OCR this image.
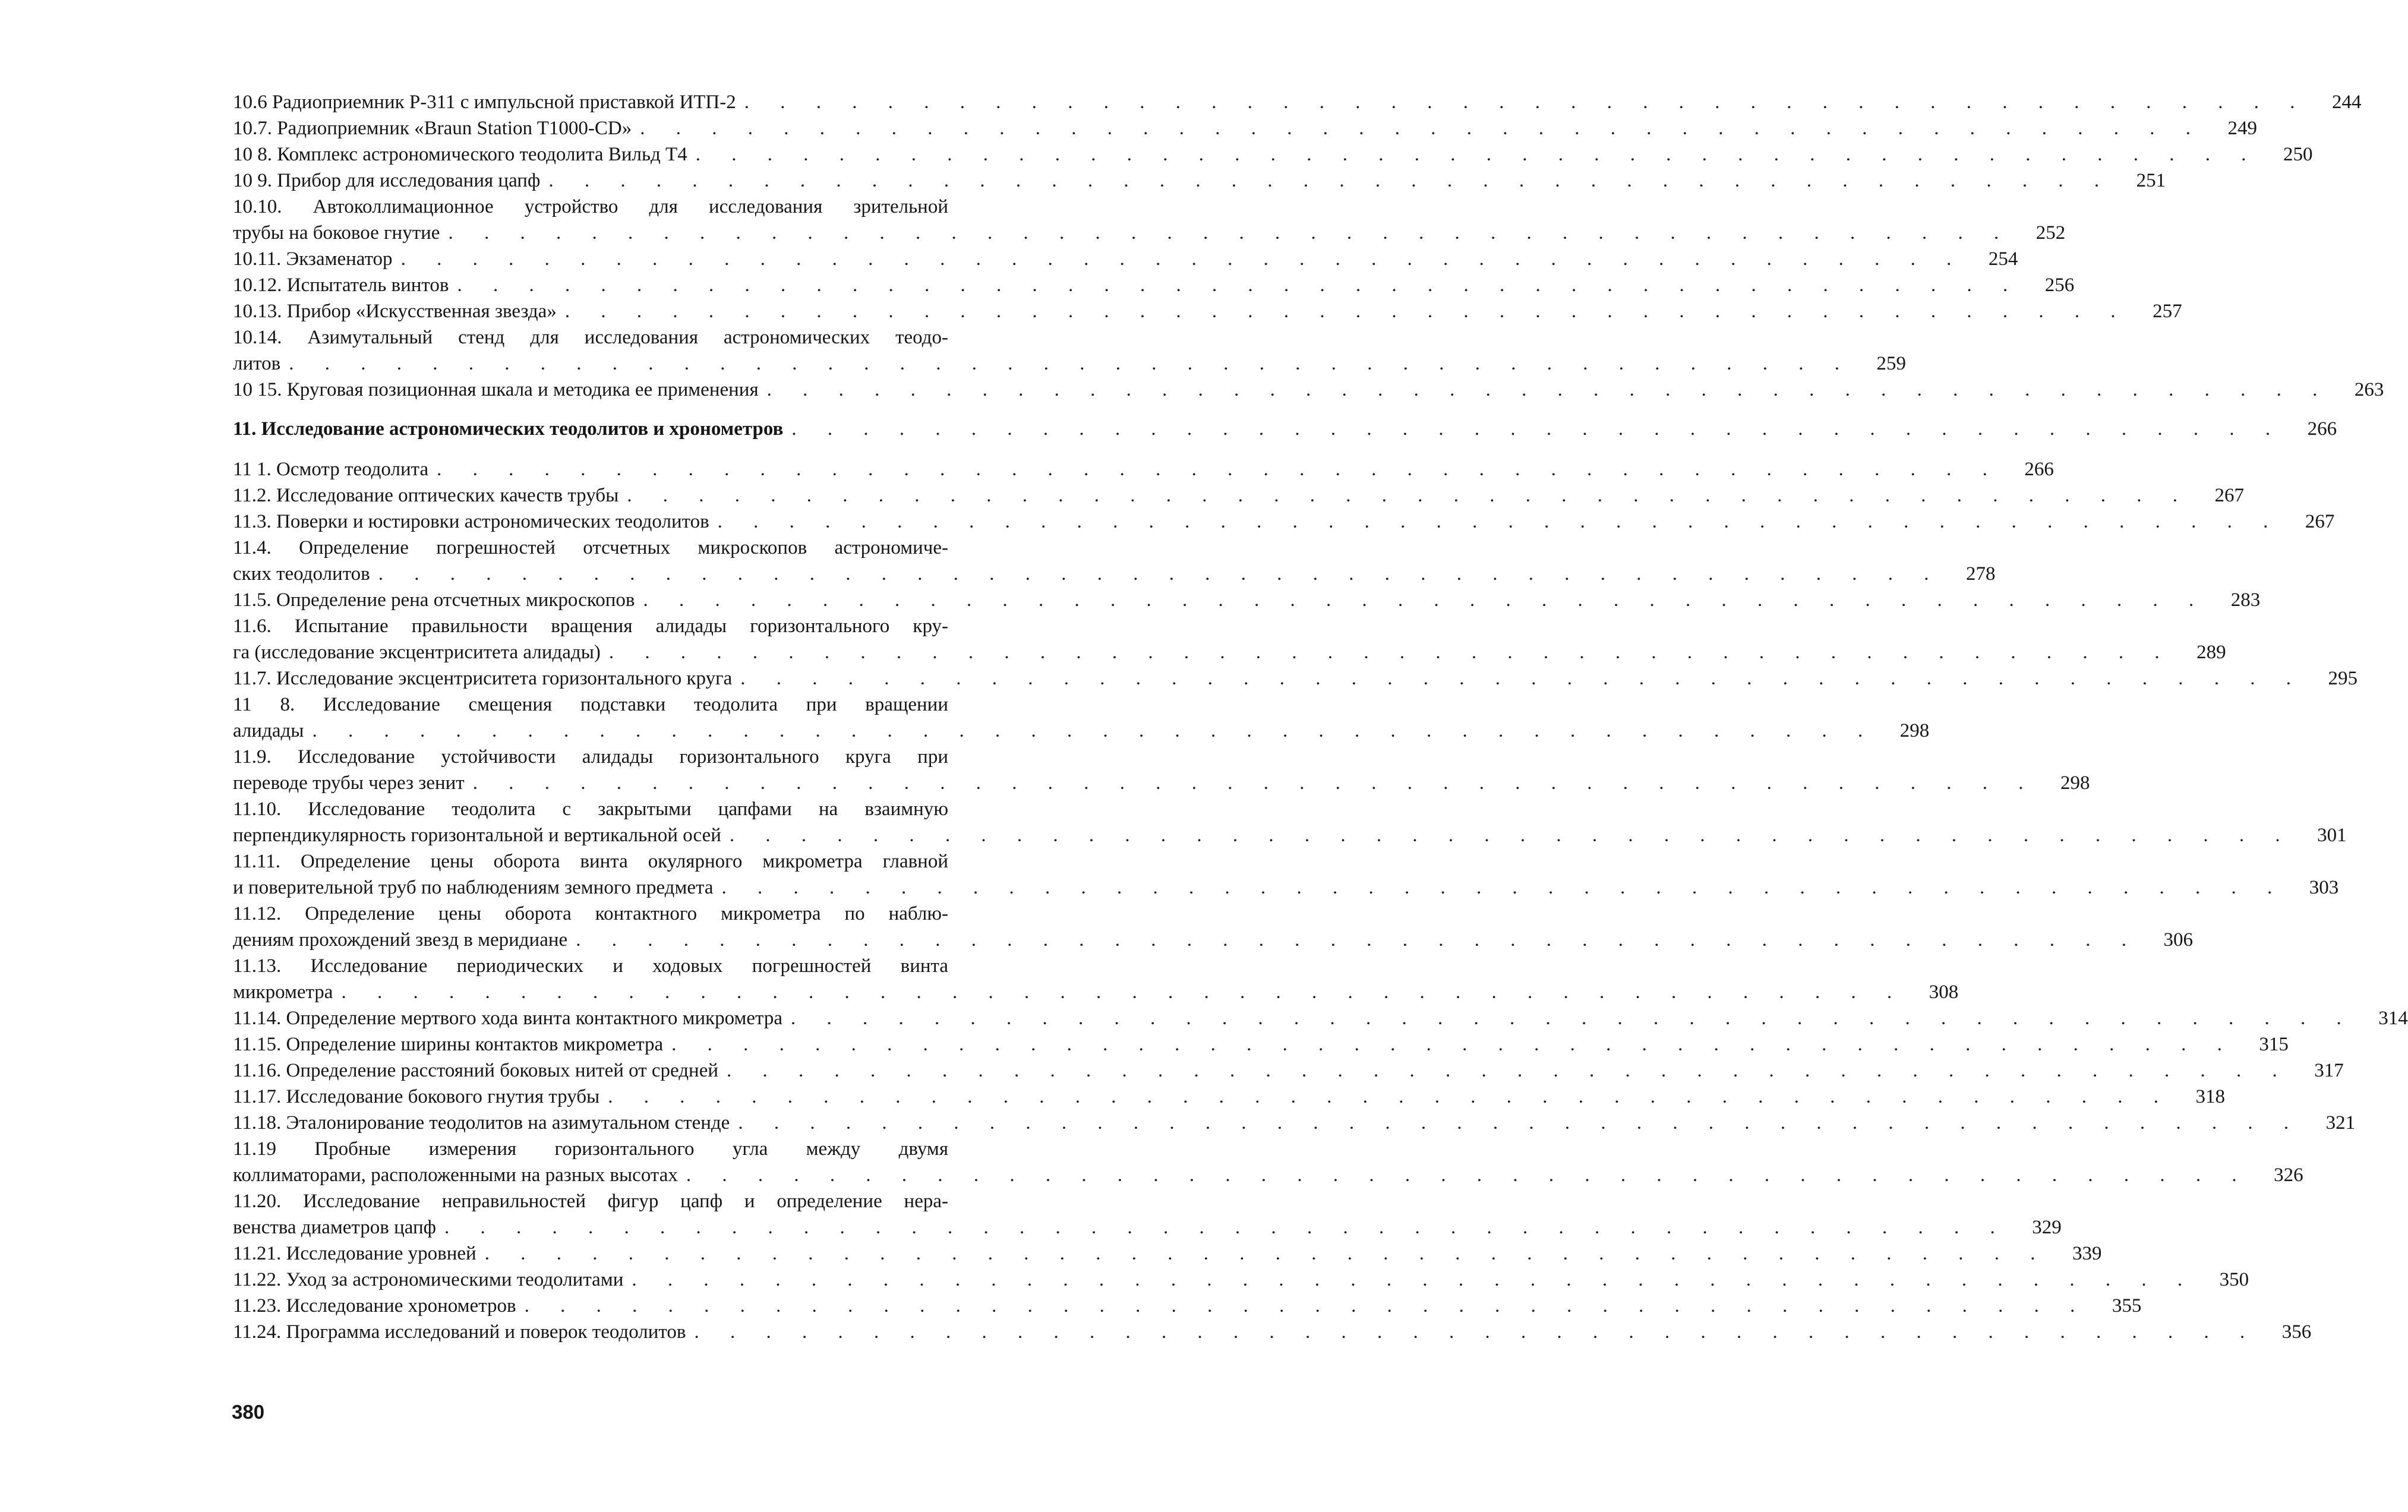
10.6 Радиоприемник Р-311 с импульсной приставкой ИТП-2 . . . . . . . . . . . . . . . . . . . . . . . . . . . . . . . . . . . . . . . . . . . .	244
10.7. Радиоприемник «Braun Station T1000-CD» . . . . . . . . . . . . . . . . . . . . . . . . . . . . . . . . . . . . . . . . . . . .	249
10 8. Комплекс астрономического теодолита Вильд Т4 . . . . . . . . . . . . . . . . . . . . . . . . . . . . . . . . . . . . . . . . . . . .	250
10 9. Прибор для исследования цапф . . . . . . . . . . . . . . . . . . . . . . . . . . . . . . . . . . . . . . . . . . . .	251
10.10. Автоколлимационное устройство для исследования зрительной
трубы на боковое гнутие . . . . . . . . . . . . . . . . . . . . . . . . . . . . . . . . . . . . . . . . . . . .	252
10.11. Экзаменатор . . . . . . . . . . . . . . . . . . . . . . . . . . . . . . . . . . . . . . . . . . . .	254
10.12. Испытатель винтов . . . . . . . . . . . . . . . . . . . . . . . . . . . . . . . . . . . . . . . . . . . .	256
10.13. Прибор «Искусственная звезда» . . . . . . . . . . . . . . . . . . . . . . . . . . . . . . . . . . . . . . . . . . . .	257
10.14. Азимутальный стенд для исследования астрономических теодо-
литов . . . . . . . . . . . . . . . . . . . . . . . . . . . . . . . . . . . . . . . . . . . .	259
10 15. Круговая позиционная шкала и методика ее применения . . . . . . . . . . . . . . . . . . . . . . . . . . . . . . . . . . . . . . . . . . . .	263
11. Исследование астрономических теодолитов и хронометров . . . . . . . . . . . . . . . . . . . . . . . . . . . . . . . . . . . . . . . . . .	266
11 1. Осмотр теодолита . . . . . . . . . . . . . . . . . . . . . . . . . . . . . . . . . . . . . . . . . . . .	266
11.2. Исследование оптических качеств трубы . . . . . . . . . . . . . . . . . . . . . . . . . . . . . . . . . . . . . . . . . . . .	267
11.3. Поверки и юстировки астрономических теодолитов . . . . . . . . . . . . . . . . . . . . . . . . . . . . . . . . . . . . . . . . . . . .	267
11.4. Определение погрешностей отсчетных микроскопов астрономиче-
ских теодолитов . . . . . . . . . . . . . . . . . . . . . . . . . . . . . . . . . . . . . . . . . . . .	278
11.5. Определение рена отсчетных микроскопов . . . . . . . . . . . . . . . . . . . . . . . . . . . . . . . . . . . . . . . . . . . .	283
11.6. Испытание правильности вращения алидады горизонтального кру-
га (исследование эксцентриситета алидады) . . . . . . . . . . . . . . . . . . . . . . . . . . . . . . . . . . . . . . . . . . . .	289
11.7. Исследование эксцентриситета горизонтального круга . . . . . . . . . . . . . . . . . . . . . . . . . . . . . . . . . . . . . . . . . . . .	295
11 8. Исследование смещения подставки теодолита при вращении
алидады . . . . . . . . . . . . . . . . . . . . . . . . . . . . . . . . . . . . . . . . . . . .	298
11.9. Исследование устойчивости алидады горизонтального круга при
переводе трубы через зенит . . . . . . . . . . . . . . . . . . . . . . . . . . . . . . . . . . . . . . . . . . . .	298
11.10. Исследование теодолита с закрытыми цапфами на взаимную
перпендикулярность горизонтальной и вертикальной осей . . . . . . . . . . . . . . . . . . . . . . . . . . . . . . . . . . . . . . . . . . . .	301
11.11. Определение цены оборота винта окулярного микрометра главной
и поверительной труб по наблюдениям земного предмета . . . . . . . . . . . . . . . . . . . . . . . . . . . . . . . . . . . . . . . . . . . .	303
11.12. Определение цены оборота контактного микрометра по наблю-
дениям прохождений звезд в меридиане . . . . . . . . . . . . . . . . . . . . . . . . . . . . . . . . . . . . . . . . . . . .	306
11.13. Исследование периодических и ходовых погрешностей винта
микрометра . . . . . . . . . . . . . . . . . . . . . . . . . . . . . . . . . . . . . . . . . . . .	308
11.14. Определение мертвого хода винта контактного микрометра . . . . . . . . . . . . . . . . . . . . . . . . . . . . . . . . . . . . . . . . . . . .	314
11.15. Определение ширины контактов микрометра . . . . . . . . . . . . . . . . . . . . . . . . . . . . . . . . . . . . . . . . . . . .	315
11.16. Определение расстояний боковых нитей от средней . . . . . . . . . . . . . . . . . . . . . . . . . . . . . . . . . . . . . . . . . . . .	317
11.17. Исследование бокового гнутия трубы . . . . . . . . . . . . . . . . . . . . . . . . . . . . . . . . . . . . . . . . . . . .	318
11.18. Эталонирование теодолитов на азимутальном стенде . . . . . . . . . . . . . . . . . . . . . . . . . . . . . . . . . . . . . . . . . . . .	321
11.19 Пробные измерения горизонтального угла между двумя
коллиматорами, расположенными на разных высотах . . . . . . . . . . . . . . . . . . . . . . . . . . . . . . . . . . . . . . . . . . . .	326
11.20. Исследование неправильностей фигур цапф и определение нера-
венства диаметров цапф . . . . . . . . . . . . . . . . . . . . . . . . . . . . . . . . . . . . . . . . . . . .	329
11.21. Исследование уровней . . . . . . . . . . . . . . . . . . . . . . . . . . . . . . . . . . . . . . . . . . . .	339
11.22. Уход за астрономическими теодолитами . . . . . . . . . . . . . . . . . . . . . . . . . . . . . . . . . . . . . . . . . . . .	350
11.23. Исследование хронометров . . . . . . . . . . . . . . . . . . . . . . . . . . . . . . . . . . . . . . . . . . . .	355
11.24. Программа исследований и поверок теодолитов . . . . . . . . . . . . . . . . . . . . . . . . . . . . . . . . . . . . . . . . . . . .	356
380
